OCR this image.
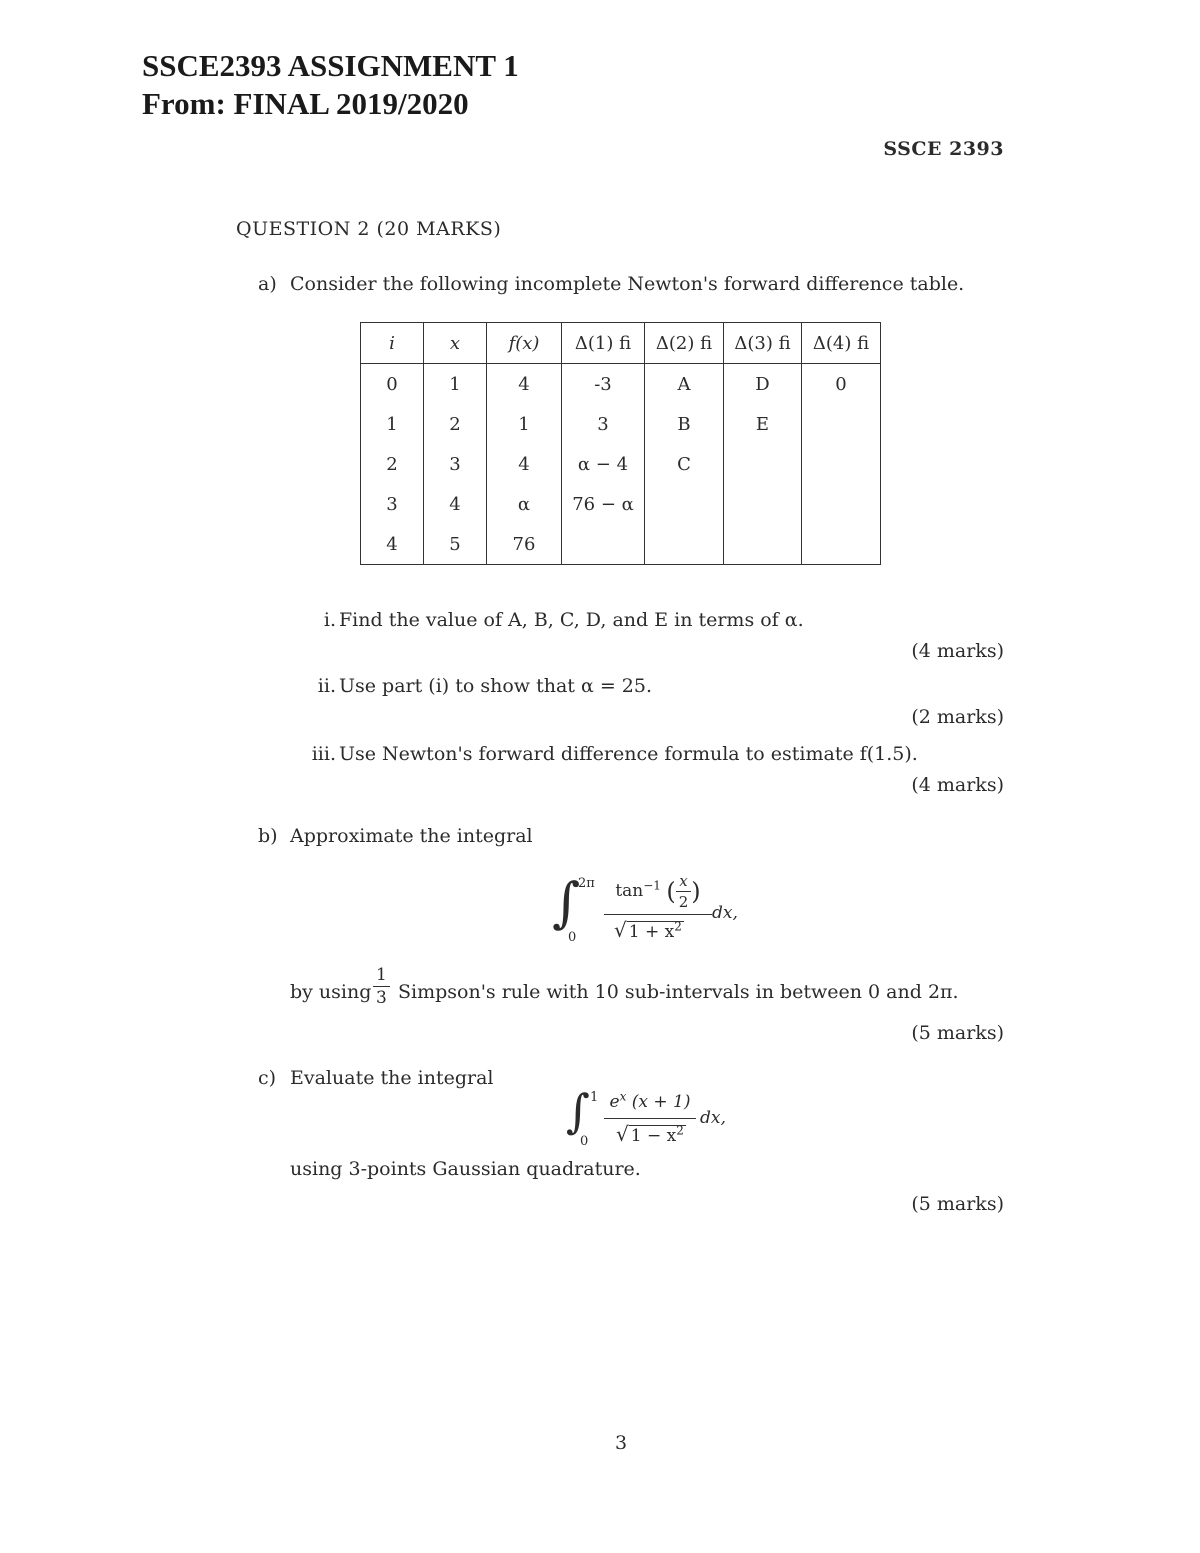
SSCE2393 ASSIGNMENT 1
From: FINAL 2019/2020
SSCE 2393
QUESTION 2 (20 MARKS)
a) Consider the following incomplete Newton's forward difference table.
i	x	f(x)	Δ(1) fi	Δ(2) fi	Δ(3) fi	Δ(4) fi
0	1	4	-3	A	D	0
1	2	1	3	B	E	
2	3	4	α − 4	C		
3	4	α	76 − α			
4	5	76				
i. Find the value of A, B, C, D, and E in terms of α.
(4 marks)
ii. Use part (i) to show that α = 25.
(2 marks)
iii. Use Newton's forward difference formula to estimate f(1.5).
(4 marks)
b) Approximate the integral
∫
2π
0
$\tan^{-1}$ ( $\frac{x}{2}$ )
√ $1 + x^2$
dx,
by using $\frac{1}{3}$ Simpson's rule with 10 sub-intervals in between 0 and 2π.
(5 marks)
c) Evaluate the integral
∫ 1
0
$e^x$ (x + 1)
√ $1 - x^2$
dx,
using 3-points Gaussian quadrature.
(5 marks)
3
